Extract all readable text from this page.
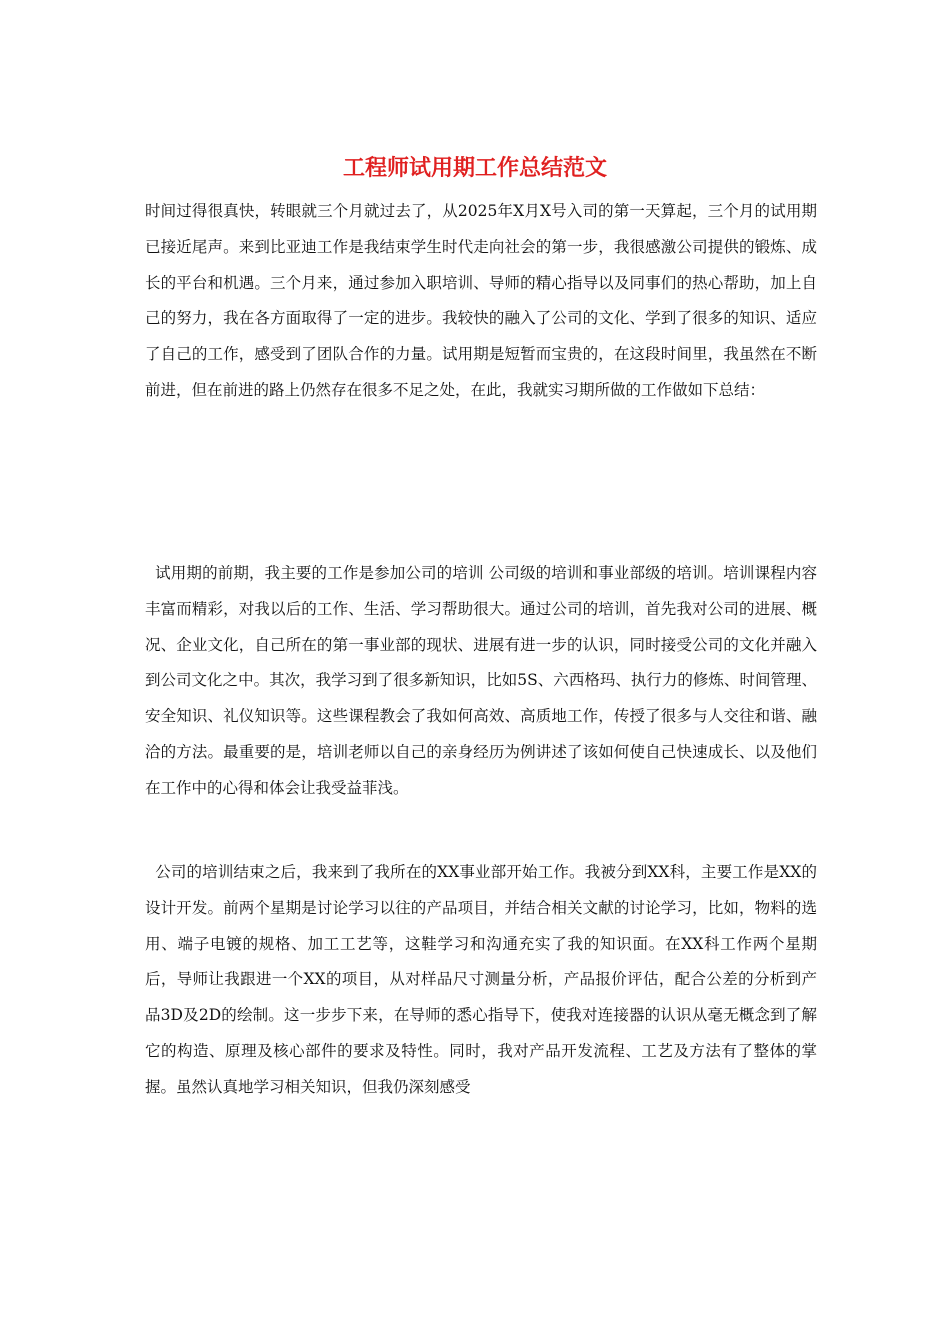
工程师试用期工作总结范文

时间过得很真快，转眼就三个月就过去了，从2025年X月X号入司的第一天算起，三个月的试用期已接近尾声。来到比亚迪工作是我结束学生时代走向社会的第一步，我很感激公司提供的锻炼、成长的平台和机遇。三个月来，通过参加入职培训、导师的精心指导以及同事们的热心帮助，加上自己的努力，我在各方面取得了一定的进步。我较快的融入了公司的文化、学到了很多的知识、适应了自己的工作，感受到了团队合作的力量。试用期是短暂而宝贵的，在这段时间里，我虽然在不断前进，但在前进的路上仍然存在很多不足之处，在此，我就实习期所做的工作做如下总结：

试用期的前期，我主要的工作是参加公司的培训 公司级的培训和事业部级的培训。培训课程内容丰富而精彩，对我以后的工作、生活、学习帮助很大。通过公司的培训，首先我对公司的进展、概况、企业文化，自己所在的第一事业部的现状、进展有进一步的认识，同时接受公司的文化并融入到公司文化之中。其次，我学习到了很多新知识，比如5S、六西格玛、执行力的修炼、时间管理、安全知识、礼仪知识等。这些课程教会了我如何高效、高质地工作，传授了很多与人交往和谐、融洽的方法。最重要的是，培训老师以自己的亲身经历为例讲述了该如何使自己快速成长、以及他们在工作中的心得和体会让我受益菲浅。

公司的培训结束之后，我来到了我所在的XX事业部开始工作。我被分到XX科，主要工作是XX的设计开发。前两个星期是讨论学习以往的产品项目，并结合相关文献的讨论学习，比如，物料的选用、端子电镀的规格、加工工艺等，这鞋学习和沟通充实了我的知识面。在XX科工作两个星期后，导师让我跟进一个XX的项目，从对样品尺寸测量分析，产品报价评估，配合公差的分析到产品3D及2D的绘制。这一步步下来，在导师的悉心指导下，使我对连接器的认识从毫无概念到了解它的构造、原理及核心部件的要求及特性。同时，我对产品开发流程、工艺及方法有了整体的掌握。虽然认真地学习相关知识，但我仍深刻感受
